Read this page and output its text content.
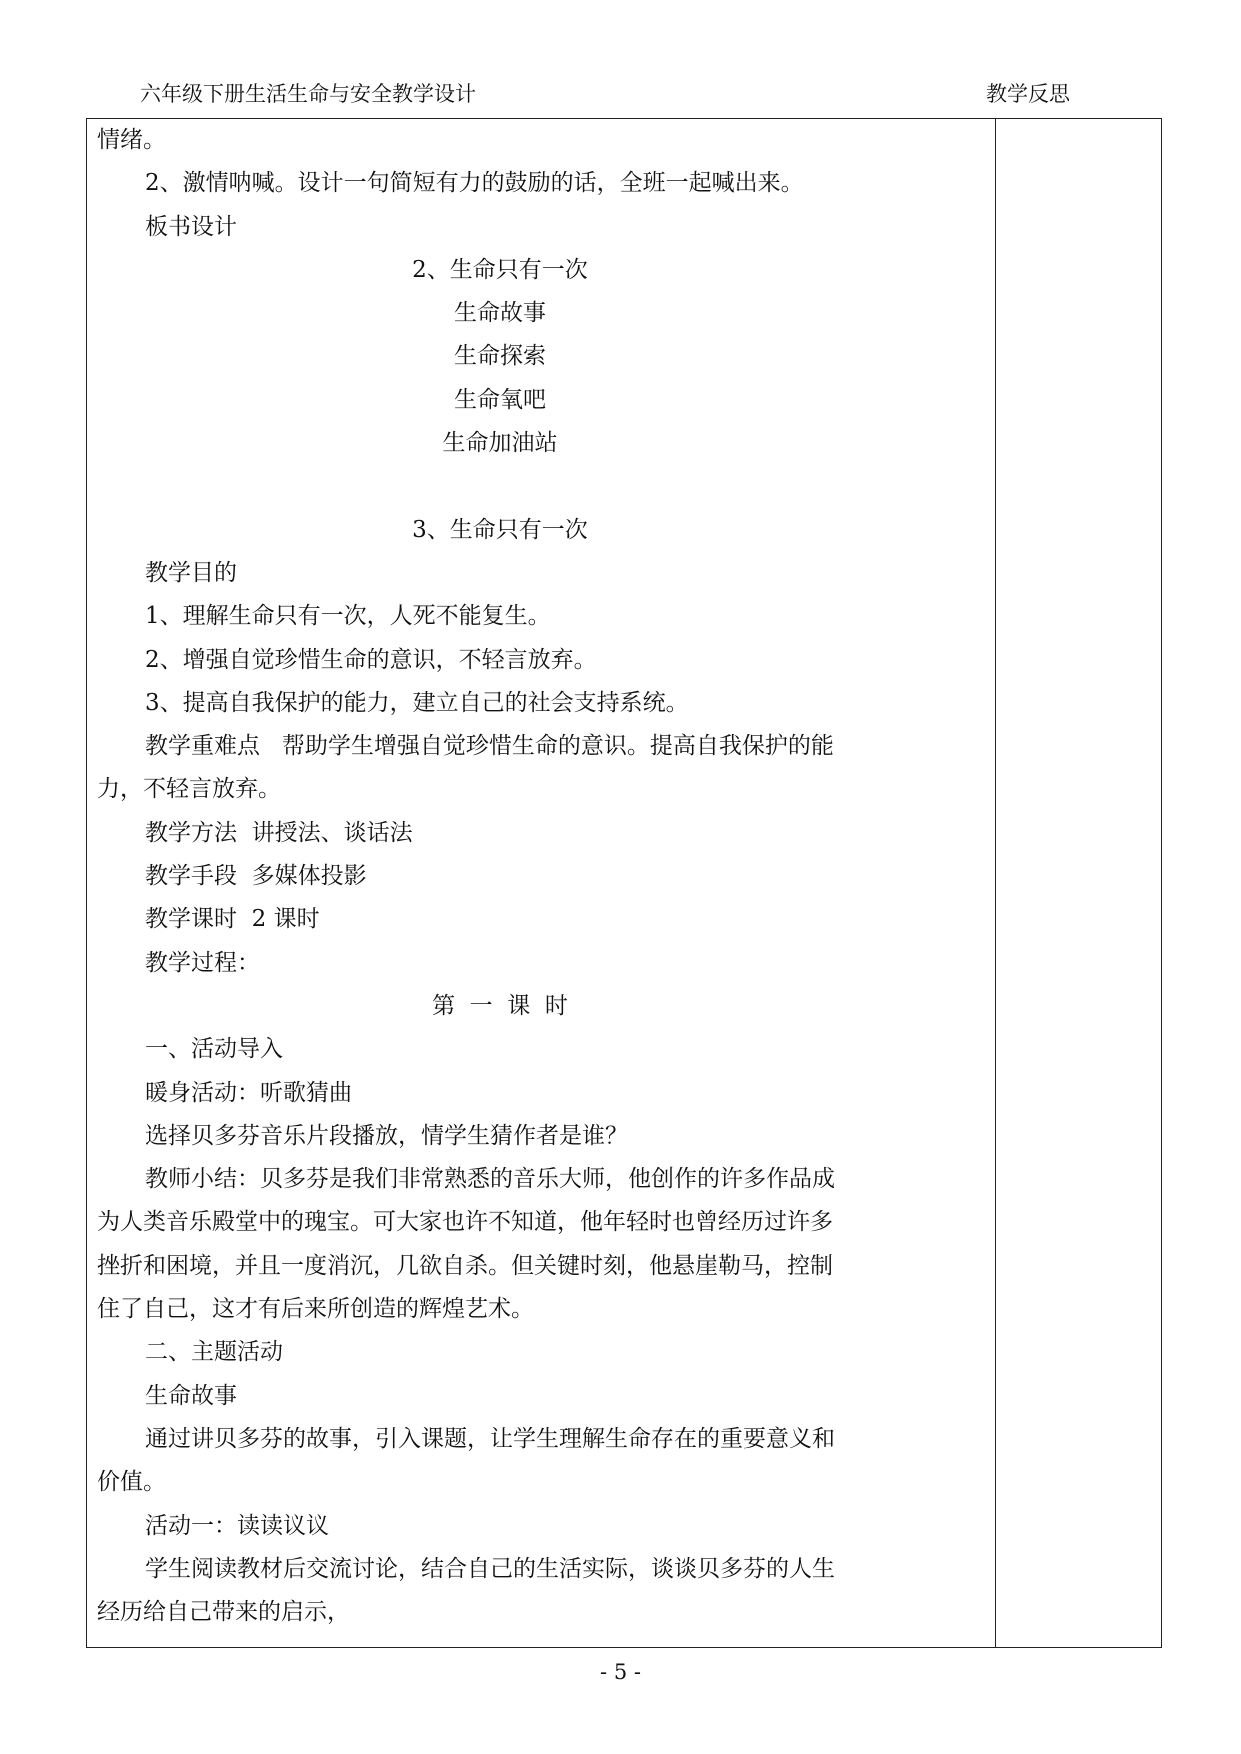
六年级下册生活生命与安全教学设计	教学反思
情绪。
2、激情呐喊。设计一句简短有力的鼓励的话，全班一起喊出来。
板书设计
2、生命只有一次
生命故事
生命探索
生命氧吧
生命加油站
3、生命只有一次
教学目的
1、理解生命只有一次，人死不能复生。
2、增强自觉珍惜生命的意识，不轻言放弃。
3、提高自我保护的能力，建立自己的社会支持系统。
教学重难点   帮助学生增强自觉珍惜生命的意识。提高自我保护的能
力，不轻言放弃。
教学方法  讲授法、谈话法
教学手段  多媒体投影
教学课时  2 课时
教学过程：
第  一  课  时
一、活动导入
暖身活动：听歌猜曲
选择贝多芬音乐片段播放，情学生猜作者是谁？
教师小结：贝多芬是我们非常熟悉的音乐大师，他创作的许多作品成
为人类音乐殿堂中的瑰宝。可大家也许不知道，他年轻时也曾经历过许多
挫折和困境，并且一度消沉，几欲自杀。但关键时刻，他悬崖勒马，控制
住了自己，这才有后来所创造的辉煌艺术。
二、主题活动
生命故事
通过讲贝多芬的故事，引入课题，让学生理解生命存在的重要意义和
价值。
活动一：读读议议
学生阅读教材后交流讨论，结合自己的生活实际，谈谈贝多芬的人生
经历给自己带来的启示，
- 5 -
